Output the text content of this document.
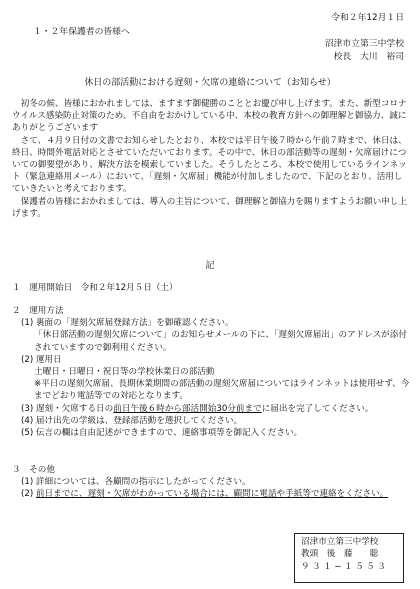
令和２年12月１日
１・２年保護者の皆様へ
沼津市立第三中学校
校長　大川　裕司
休日の部活動における遅刻・欠席の連絡について（お知らせ）

初冬の候、皆様におかれましては、ますます御健勝のこととお慶び申し上げます。また、新型コロナウイルス感染防止対策のため、不自由をおかけしている中、本校の教育方針への御理解と御協力、誠にありがとうございます

さて、４月９日付の文書でお知らせしたとおり、本校では平日午後７時から午前７時まで、休日は、終日、時間外電話対応とさせていただいております。その中で、休日の部活動等の遅刻・欠席届けについての御要望があり、解決方法を模索していました。そうしたところ、本校で使用しているラインネット（緊急連絡用メール）において、「遅刻・欠席届」機能が付加しましたので、下記のとおり、活用していきたいと考えております。

保護者の皆様におかれましては、導入の主旨について、御理解と御協力を賜りますようお願い申し上げます。

記
１　運用開始日　令和２年12月５日（土）
２　運用方法
(1) 裏面の「遅刻欠席届登録方法」を御確認ください。
「休日部活動の遅刻欠席について」のお知らせメールの下に、「遅刻欠席届出」のアドレスが添付されていますので御利用ください。
(2) 運用日
土曜日・日曜日・祝日等の学校休業日の部活動
※平日の遅刻欠席届、長期休業期間の部活動の遅刻欠席届についてはラインネットは使用せず、今までどおり電話等での対応となります。
(3) 遅刻・欠席する日の前日午後６時から部活開始30分前までに届出を完了してください。
(4) 届け出先の学級は、登録部活動を選択してください。
(5) 伝言の欄は自由記述ができますので、連絡事項等を御記入ください。
３　その他
(1) 詳細については、各顧問の指示にしたがってください。
(2) 前日までに、遅刻・欠席がわかっている場合には、顧問に電話や手紙等で連絡をください。
沼津市立第三中学校
教頭　後　藤　　聡
９３１−１５５３
